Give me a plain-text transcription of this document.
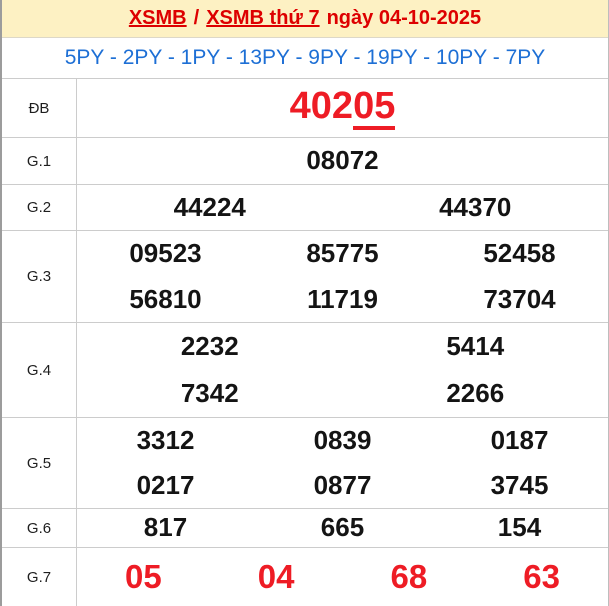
XSMB / XSMB thứ 7 ngày 04-10-2025
5PY - 2PY - 1PY - 13PY - 9PY - 19PY - 10PY - 7PY
ĐB	40205
G.1	08072
G.2	44224	44370
G.3
09523	85775	52458
56810	11719	73704
G.4
2232	5414
7342	2266
G.5
3312	0839	0187
0217	0877	3745
G.6	817	665	154
G.7	05	04	68	63
